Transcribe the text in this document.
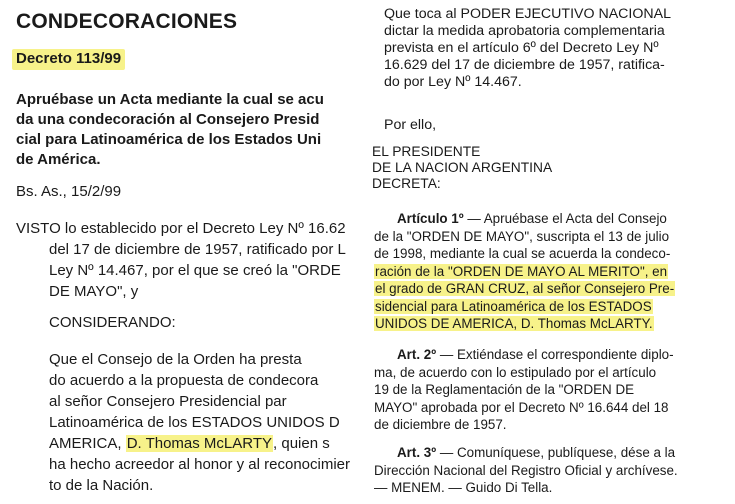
CONDECORACIONES
Decreto 113/99
Apruébase un Acta mediante la cual se acu
da una condecoración al Consejero Presid
cial para Latinoamérica de los Estados Uni
de América.
Bs. As., 15/2/99
VISTO lo establecido por el Decreto Ley Nº 16.62
del 17 de diciembre de 1957, ratificado por L
Ley Nº 14.467, por el que se creó la "ORDE
DE MAYO", y
CONSIDERANDO:
Que el Consejo de la Orden ha presta
do acuerdo a la propuesta de condecora
al señor Consejero Presidencial par
Latinoamérica de los ESTADOS UNIDOS D
AMERICA, D. Thomas McLARTY, quien s
ha hecho acreedor al honor y al reconocimier
to de la Nación.
Que toca al PODER EJECUTIVO NACIONAL
dictar la medida aprobatoria complementaria
prevista en el artículo 6º del Decreto Ley Nº
16.629 del 17 de diciembre de 1957, ratifica-
do por Ley Nº 14.467.
Por ello,
EL PRESIDENTE
DE LA NACION ARGENTINA
DECRETA:
Artículo 1º — Apruébase el Acta del Consejo
de la "ORDEN DE MAYO", suscripta el 13 de julio
de 1998, mediante la cual se acuerda la condeco-
ración de la "ORDEN DE MAYO AL MERITO", en
el grado de GRAN CRUZ, al señor Consejero Pre-
sidencial para Latinoamérica de los ESTADOS
UNIDOS DE AMERICA, D. Thomas McLARTY.
Art. 2º — Extiéndase el correspondiente diplo-
ma, de acuerdo con lo estipulado por el artículo
19 de la Reglamentación de la "ORDEN DE
MAYO" aprobada por el Decreto Nº 16.644 del 18
de diciembre de 1957.
Art. 3º — Comuníquese, publíquese, dése a la
Dirección Nacional del Registro Oficial y archívese.
— MENEM. — Guido Di Tella.
